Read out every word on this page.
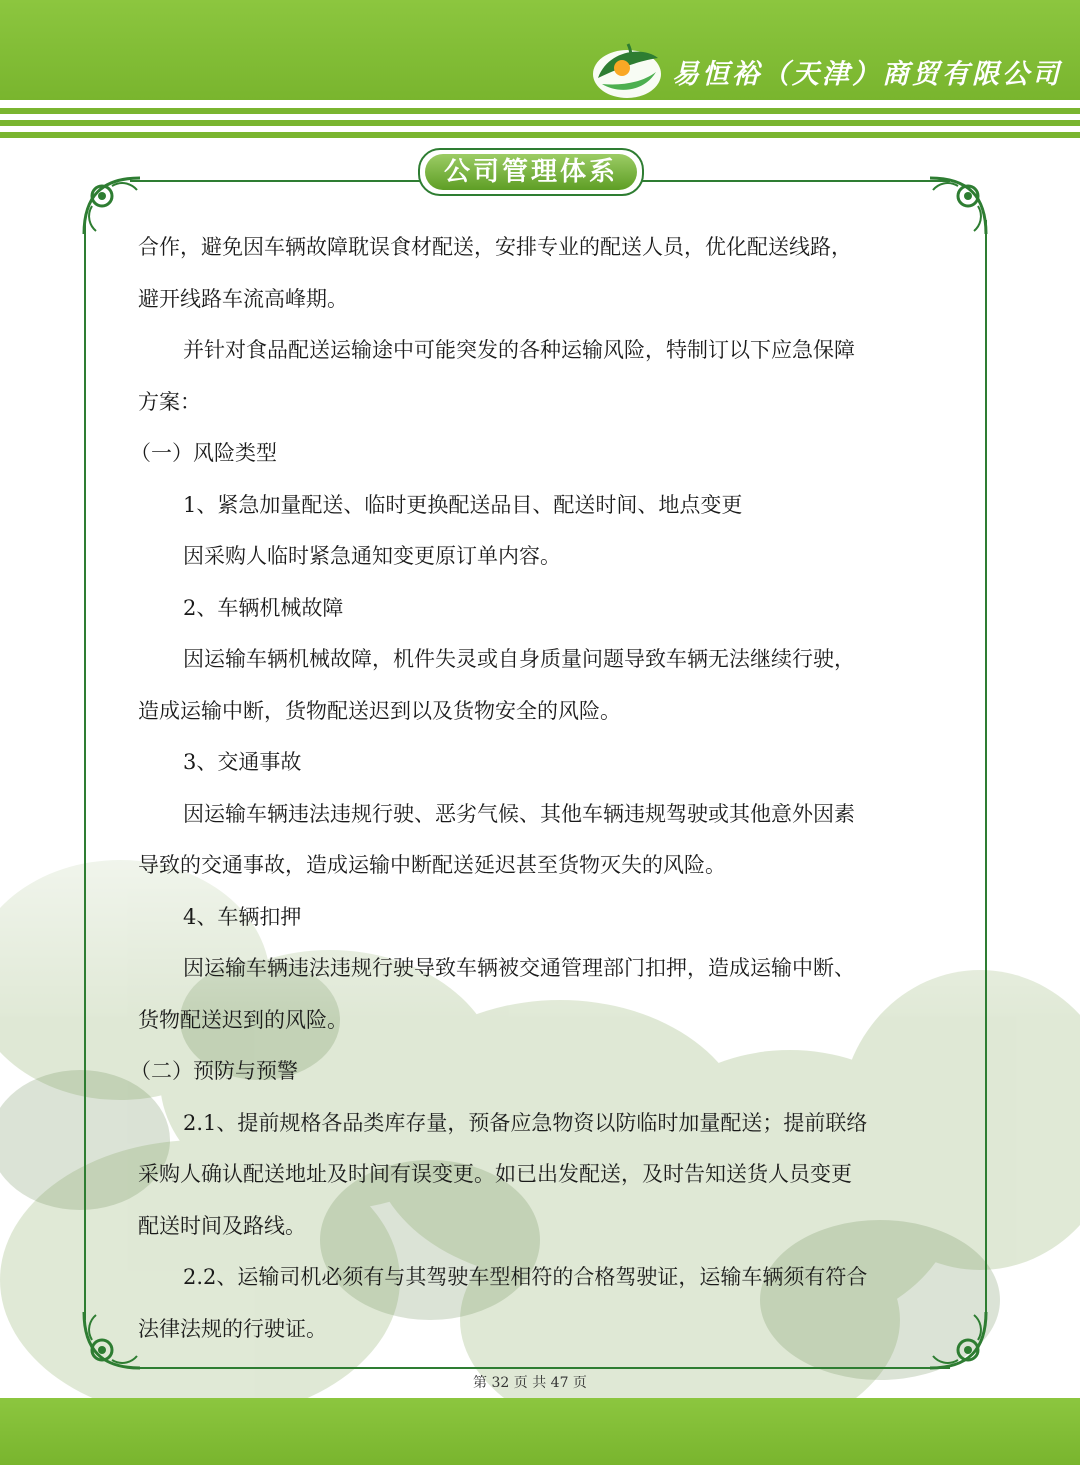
易恒裕（天津）商贸有限公司
公司管理体系

合作，避免因车辆故障耽误食材配送，安排专业的配送人员，优化配送线路，

避开线路车流高峰期。

并针对食品配送运输途中可能突发的各种运输风险，特制订以下应急保障

方案：

（一）风险类型

1、紧急加量配送、临时更换配送品目、配送时间、地点变更

因采购人临时紧急通知变更原订单内容。

2、车辆机械故障

因运输车辆机械故障，机件失灵或自身质量问题导致车辆无法继续行驶，

造成运输中断，货物配送迟到以及货物安全的风险。

3、交通事故

因运输车辆违法违规行驶、恶劣气候、其他车辆违规驾驶或其他意外因素

导致的交通事故，造成运输中断配送延迟甚至货物灭失的风险。

4、车辆扣押

因运输车辆违法违规行驶导致车辆被交通管理部门扣押，造成运输中断、

货物配送迟到的风险。

（二）预防与预警

2.1、提前规格各品类库存量，预备应急物资以防临时加量配送；提前联络

采购人确认配送地址及时间有误变更。如已出发配送，及时告知送货人员变更

配送时间及路线。

2.2、运输司机必须有与其驾驶车型相符的合格驾驶证，运输车辆须有符合

法律法规的行驶证。

第 32 页 共 47 页
